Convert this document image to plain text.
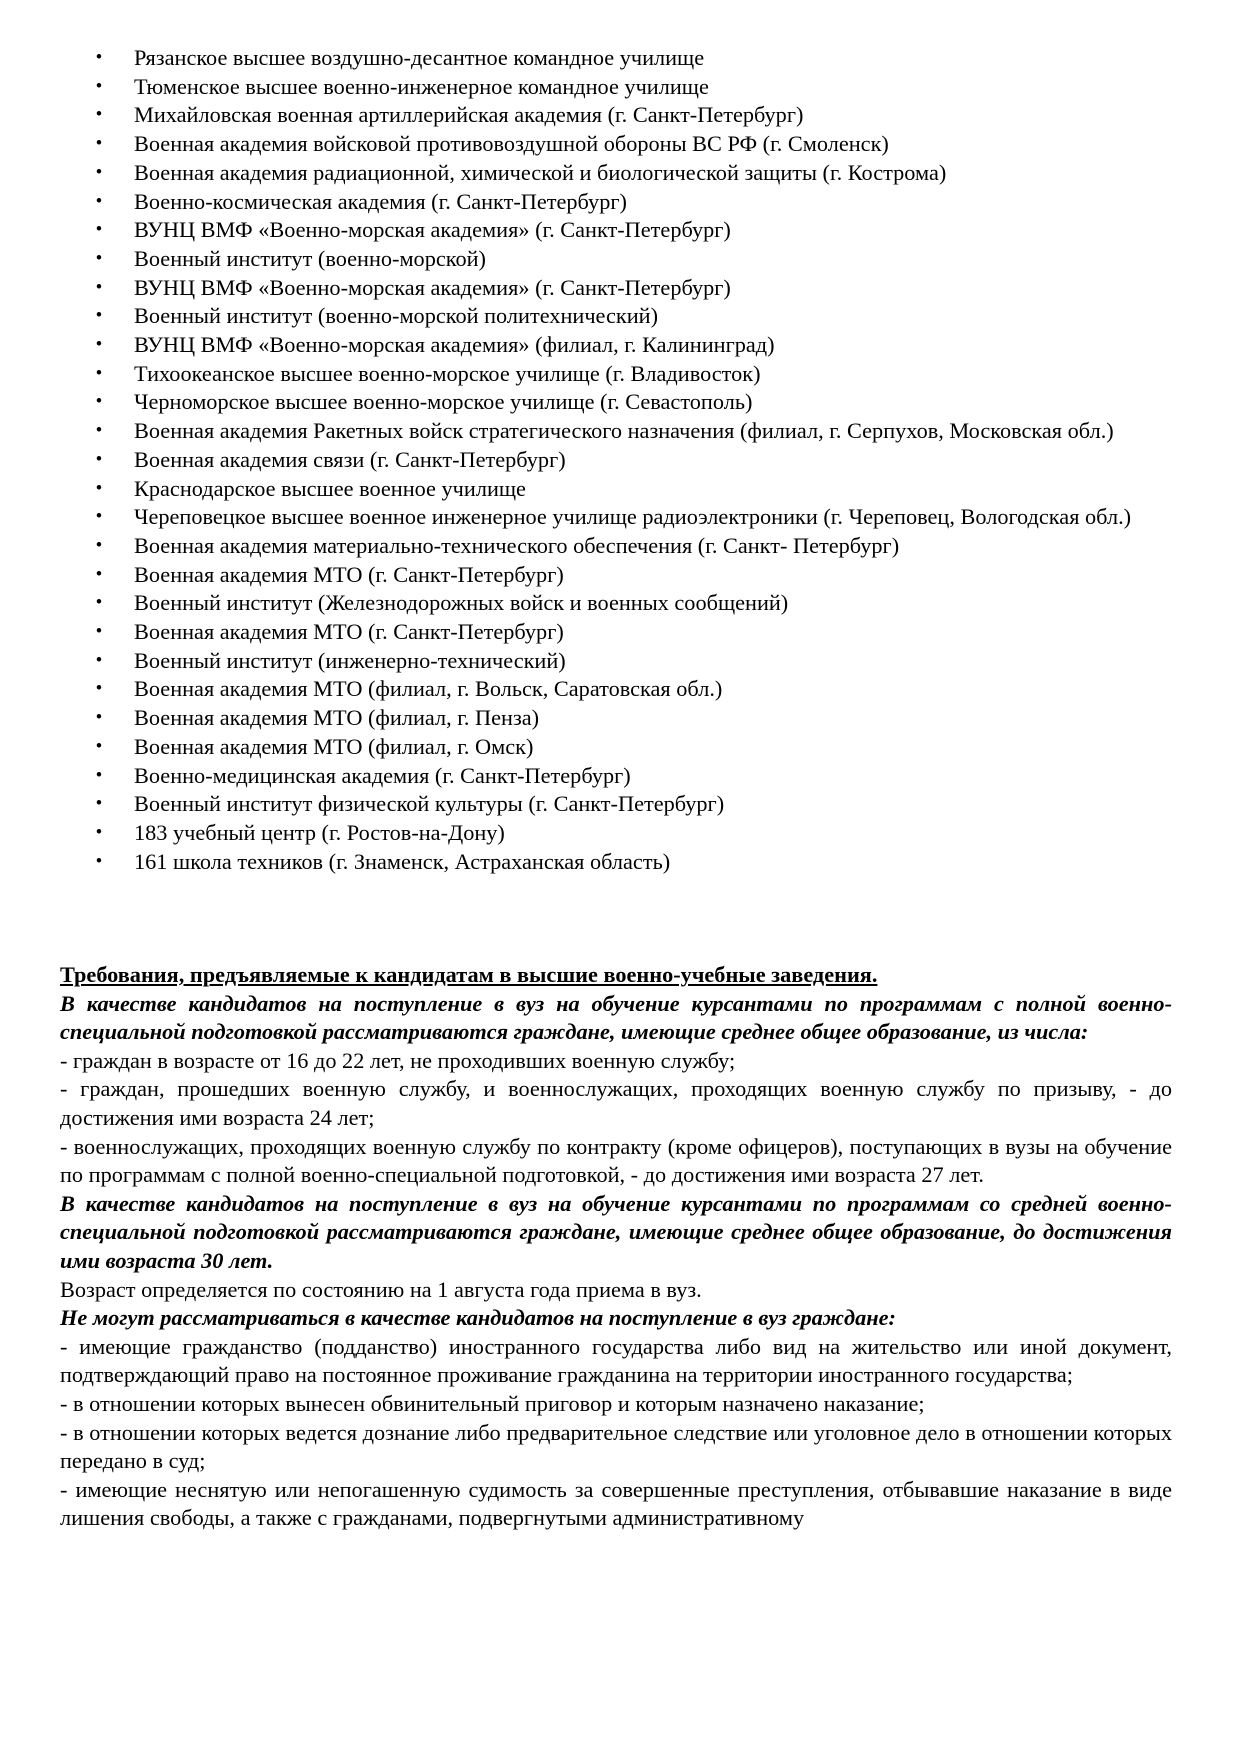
• Рязанское высшее воздушно-десантное командное училище
• Тюменское высшее военно-инженерное командное училище
• Михайловская военная артиллерийская академия (г. Санкт-Петербург)
• Военная академия войсковой противовоздушной обороны ВС РФ (г. Смоленск)
• Военная академия радиационной, химической и биологической защиты (г. Кострома)
• Военно-космическая академия (г. Санкт-Петербург)
• ВУНЦ ВМФ «Военно-морская академия» (г. Санкт-Петербург)
• Военный институт (военно-морской)
• ВУНЦ ВМФ «Военно-морская академия» (г. Санкт-Петербург)
• Военный институт (военно-морской политехнический)
• ВУНЦ ВМФ «Военно-морская академия» (филиал, г. Калининград)
• Тихоокеанское высшее военно-морское училище (г. Владивосток)
• Черноморское высшее военно-морское училище (г. Севастополь)
• Военная академия Ракетных войск стратегического назначения (филиал, г. Серпухов, Московская обл.)
• Военная академия связи (г. Санкт-Петербург)
• Краснодарское высшее военное училище
• Череповецкое высшее военное инженерное училище радиоэлектроники (г. Череповец, Вологодская обл.)
• Военная академия материально-технического обеспечения (г. Санкт- Петербург)
• Военная академия МТО (г. Санкт-Петербург)
• Военный институт (Железнодорожных войск и военных сообщений)
• Военная академия МТО (г. Санкт-Петербург)
• Военный институт (инженерно-технический)
• Военная академия МТО (филиал, г. Вольск, Саратовская обл.)
• Военная академия МТО (филиал, г. Пенза)
• Военная академия МТО (филиал, г. Омск)
• Военно-медицинская академия (г. Санкт-Петербург)
• Военный институт физической культуры (г. Санкт-Петербург)
• 183 учебный центр (г. Ростов-на-Дону)
• 161 школа техников (г. Знаменск, Астраханская область)

Требования, предъявляемые к кандидатам в высшие военно-учебные заведения.

В качестве кандидатов на поступление в вуз на обучение курсантами по программам с полной военно-специальной подготовкой рассматриваются граждане, имеющие среднее общее образование, из числа:

- граждан в возрасте от 16 до 22 лет, не проходивших военную службу;

- граждан, прошедших военную службу, и военнослужащих, проходящих военную службу по призыву, - до достижения ими возраста 24 лет;

- военнослужащих, проходящих военную службу по контракту (кроме офицеров), поступающих в вузы на обучение по программам с полной военно-специальной подготовкой, - до достижения ими возраста 27 лет.

В качестве кандидатов на поступление в вуз на обучение курсантами по программам со средней военно-специальной подготовкой рассматриваются граждане, имеющие среднее общее образование, до достижения ими возраста 30 лет.

Возраст определяется по состоянию на 1 августа года приема в вуз.

Не могут рассматриваться в качестве кандидатов на поступление в вуз граждане:

- имеющие гражданство (подданство) иностранного государства либо вид на жительство или иной документ, подтверждающий право на постоянное проживание гражданина на территории иностранного государства;

- в отношении которых вынесен обвинительный приговор и которым назначено наказание;

- в отношении которых ведется дознание либо предварительное следствие или уголовное дело в отношении которых передано в суд;

- имеющие неснятую или непогашенную судимость за совершенные преступления, отбывавшие наказание в виде лишения свободы, а также с гражданами, подвергнутыми административному
